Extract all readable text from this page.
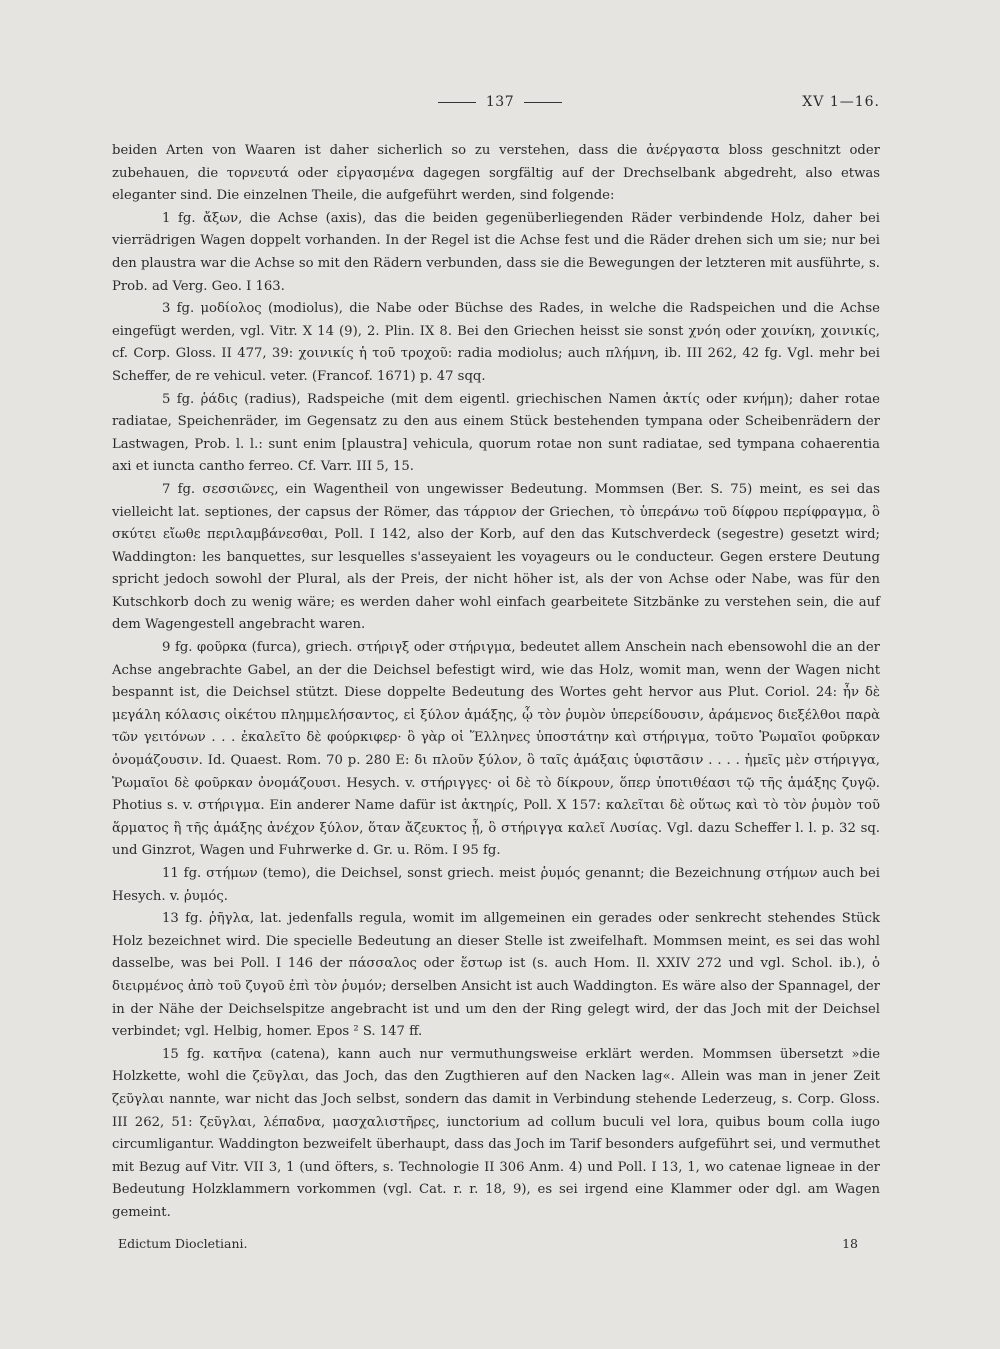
137	XV 1—16.

beiden Arten von Waaren ist daher sicherlich so zu verstehen, dass die ἀνέργαστα bloss geschnitzt oder zubehauen, die τορνευτά oder εἰργασμένα dagegen sorgfältig auf der Drechselbank abgedreht, also etwas eleganter sind. Die einzelnen Theile, die aufgeführt werden, sind folgende:

1 fg. ἄξων, die Achse (axis), das die beiden gegenüberliegenden Räder verbindende Holz, daher bei vierrädrigen Wagen doppelt vorhanden. In der Regel ist die Achse fest und die Räder drehen sich um sie; nur bei den plaustra war die Achse so mit den Rädern verbunden, dass sie die Bewegungen der letzteren mit ausführte, s. Prob. ad Verg. Geo. I 163.

3 fg. μοδίολος (modiolus), die Nabe oder Büchse des Rades, in welche die Radspeichen und die Achse eingefügt werden, vgl. Vitr. X 14 (9), 2. Plin. IX 8. Bei den Griechen heisst sie sonst χνόη oder χοινίκη, χοινικίς, cf. Corp. Gloss. II 477, 39: χοινικίς ἡ τοῦ τροχοῦ: radia modiolus; auch πλήμνη, ib. III 262, 42 fg. Vgl. mehr bei Scheffer, de re vehicul. veter. (Francof. 1671) p. 47 sqq.

5 fg. ῥάδις (radius), Radspeiche (mit dem eigentl. griechischen Namen ἀκτίς oder κνήμη); daher rotae radiatae, Speichenräder, im Gegensatz zu den aus einem Stück bestehenden tympana oder Scheibenrädern der Lastwagen, Prob. l. l.: sunt enim [plaustra] vehicula, quorum rotae non sunt radiatae, sed tympana cohaerentia axi et iuncta cantho ferreo. Cf. Varr. III 5, 15.

7 fg. σεσσιῶνες, ein Wagentheil von ungewisser Bedeutung. Mommsen (Ber. S. 75) meint, es sei das vielleicht lat. septiones, der capsus der Römer, das τάρριον der Griechen, τὸ ὑπεράνω τοῦ δίφρου περίφραγμα, ὃ σκύτει εἴωθε περιλαμβάνεσθαι, Poll. I 142, also der Korb, auf den das Kutschverdeck (segestre) gesetzt wird; Waddington: les banquettes, sur lesquelles s'asseyaient les voyageurs ou le conducteur. Gegen erstere Deutung spricht jedoch sowohl der Plural, als der Preis, der nicht höher ist, als der von Achse oder Nabe, was für den Kutschkorb doch zu wenig wäre; es werden daher wohl einfach gearbeitete Sitzbänke zu verstehen sein, die auf dem Wagengestell angebracht waren.

9 fg. φοῦρκα (furca), griech. στήριγξ oder στήριγμα, bedeutet allem Anschein nach ebensowohl die an der Achse angebrachte Gabel, an der die Deichsel befestigt wird, wie das Holz, womit man, wenn der Wagen nicht bespannt ist, die Deichsel stützt. Diese doppelte Bedeutung des Wortes geht hervor aus Plut. Coriol. 24: ἦν δὲ μεγάλη κόλασις οἰκέτου πλημμελήσαντος, εἰ ξύλον ἁμάξης, ᾧ τὸν ῥυμὸν ὑπερείδουσιν, ἀράμενος διεξέλθοι παρὰ τῶν γειτόνων . . . ἐκαλεῖτο δὲ φούρκιφερ· ὃ γὰρ οἱ Ἕλληνες ὑποστάτην καὶ στήριγμα, τοῦτο Ῥωμαῖοι φοῦρκαν ὀνομάζουσιν. Id. Quaest. Rom. 70 p. 280 E: δι πλοῦν ξύλον, ὃ ταῖς ἁμάξαις ὑφιστᾶσιν . . . . ἡμεῖς μὲν στήριγγα, Ῥωμαῖοι δὲ φοῦρκαν ὀνομάζουσι. Hesych. v. στήριγγες· οἱ δὲ τὸ δίκρουν, ὅπερ ὑποτιθέασι τῷ τῆς ἁμάξης ζυγῷ. Photius s. v. στήριγμα. Ein anderer Name dafür ist ἀκτηρίς, Poll. X 157: καλεῖται δὲ οὕτως καὶ τὸ τὸν ῥυμὸν τοῦ ἅρματος ἢ τῆς ἁμάξης ἀνέχον ξύλον, ὅταν ἄζευκτος ᾖ, ὃ στήριγγα καλεῖ Λυσίας. Vgl. dazu Scheffer l. l. p. 32 sq. und Ginzrot, Wagen und Fuhrwerke d. Gr. u. Röm. I 95 fg.

11 fg. στήμων (temo), die Deichsel, sonst griech. meist ῥυμός genannt; die Bezeichnung στήμων auch bei Hesych. v. ῥυμός.

13 fg. ῥῆγλα, lat. jedenfalls regula, womit im allgemeinen ein gerades oder senkrecht stehendes Stück Holz bezeichnet wird. Die specielle Bedeutung an dieser Stelle ist zweifelhaft. Mommsen meint, es sei das wohl dasselbe, was bei Poll. I 146 der πάσσαλος oder ἕστωρ ist (s. auch Hom. Il. XXIV 272 und vgl. Schol. ib.), ὁ διειρμένος ἀπὸ τοῦ ζυγοῦ ἐπὶ τὸν ῥυμόν; derselben Ansicht ist auch Waddington. Es wäre also der Spannagel, der in der Nähe der Deichselspitze angebracht ist und um den der Ring gelegt wird, der das Joch mit der Deichsel verbindet; vgl. Helbig, homer. Epos ² S. 147 ff.

15 fg. κατῆνα (catena), kann auch nur vermuthungsweise erklärt werden. Mommsen übersetzt »die Holzkette, wohl die ζεῦγλαι, das Joch, das den Zugthieren auf den Nacken lag«. Allein was man in jener Zeit ζεῦγλαι nannte, war nicht das Joch selbst, sondern das damit in Verbindung stehende Lederzeug, s. Corp. Gloss. III 262, 51: ζεῦγλαι, λέπαδνα, μασχαλιστῆρες, iunctorium ad collum buculi vel lora, quibus boum colla iugo circumligantur. Waddington bezweifelt überhaupt, dass das Joch im Tarif besonders aufgeführt sei, und vermuthet mit Bezug auf Vitr. VII 3, 1 (und öfters, s. Technologie II 306 Anm. 4) und Poll. I 13, 1, wo catenae ligneae in der Bedeutung Holzklammern vorkommen (vgl. Cat. r. r. 18, 9), es sei irgend eine Klammer oder dgl. am Wagen gemeint.

Edictum Diocletiani.	18
